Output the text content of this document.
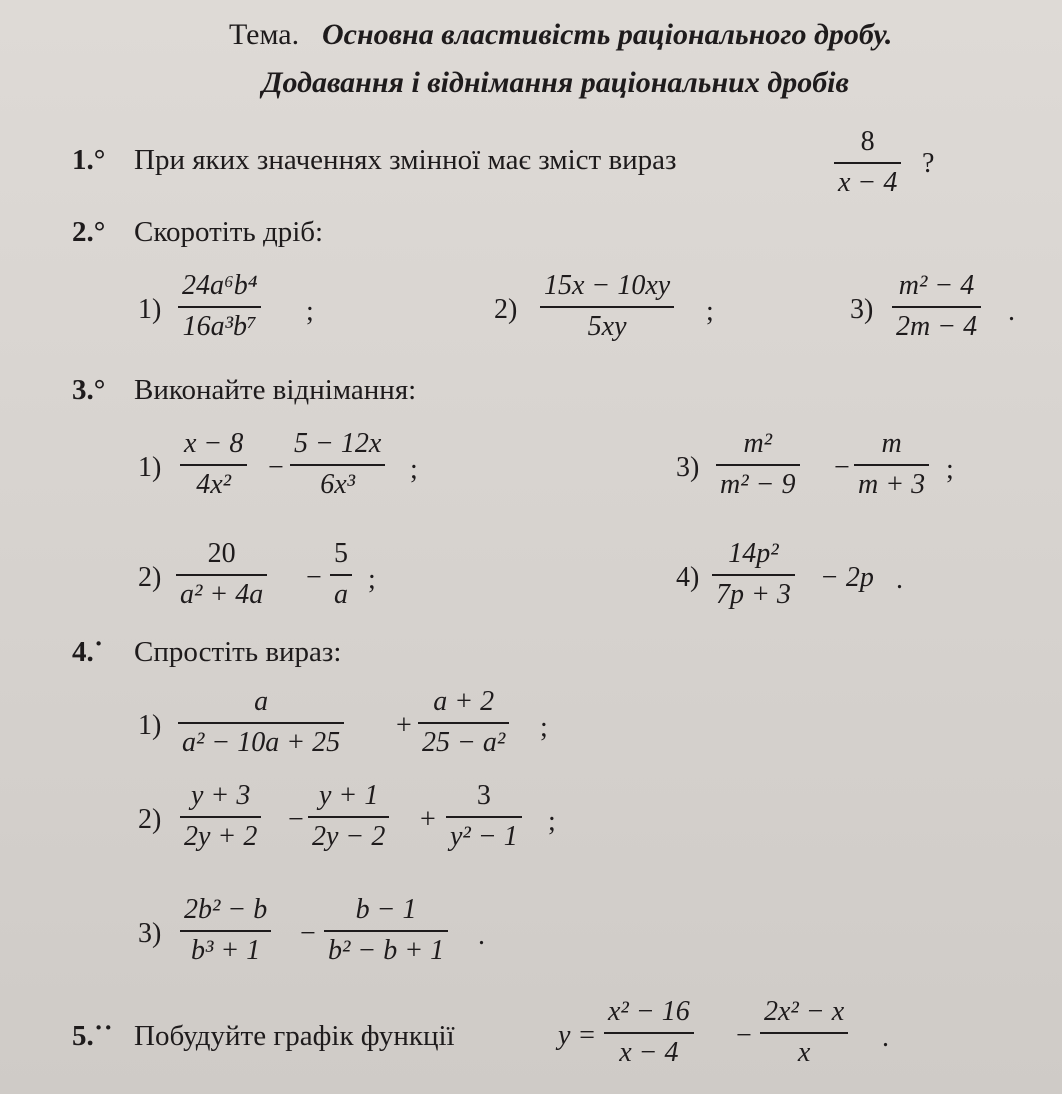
Тема. Основна властивість раціонального дробу.
Додавання і віднімання раціональних дробів
1.° При яких значеннях змінної має зміст вираз
8
x − 4
?
2.° Скоротіть дріб:
1)
24a⁶b⁴
16a³b⁷ ;	2)
15x − 10xy
5xy	;	3)
m² − 4
2m − 4 .
3.° Виконайте віднімання:
1)
x − 8
4x²
−
5 − 12x
6x³ ;	3)
m²
m² − 9
−
m
m + 3 ;
2)
20
a² + 4a
−
5
a ;	4)
14p²
7p + 3
− 2p .
4.˙ Спростіть вираз:
1)
a
a² − 10a + 25
+
a + 2
25 − a² ;
2)
y + 3
2y + 2
−
y + 1
2y − 2
+
3
y² − 1 ;
3)
2b² − b
b³ + 1
−
b − 1
b² − b + 1 .
5.˙˙ Побудуйте графік функції	y =
x² − 16
x − 4
−
2x² − x
x	.
